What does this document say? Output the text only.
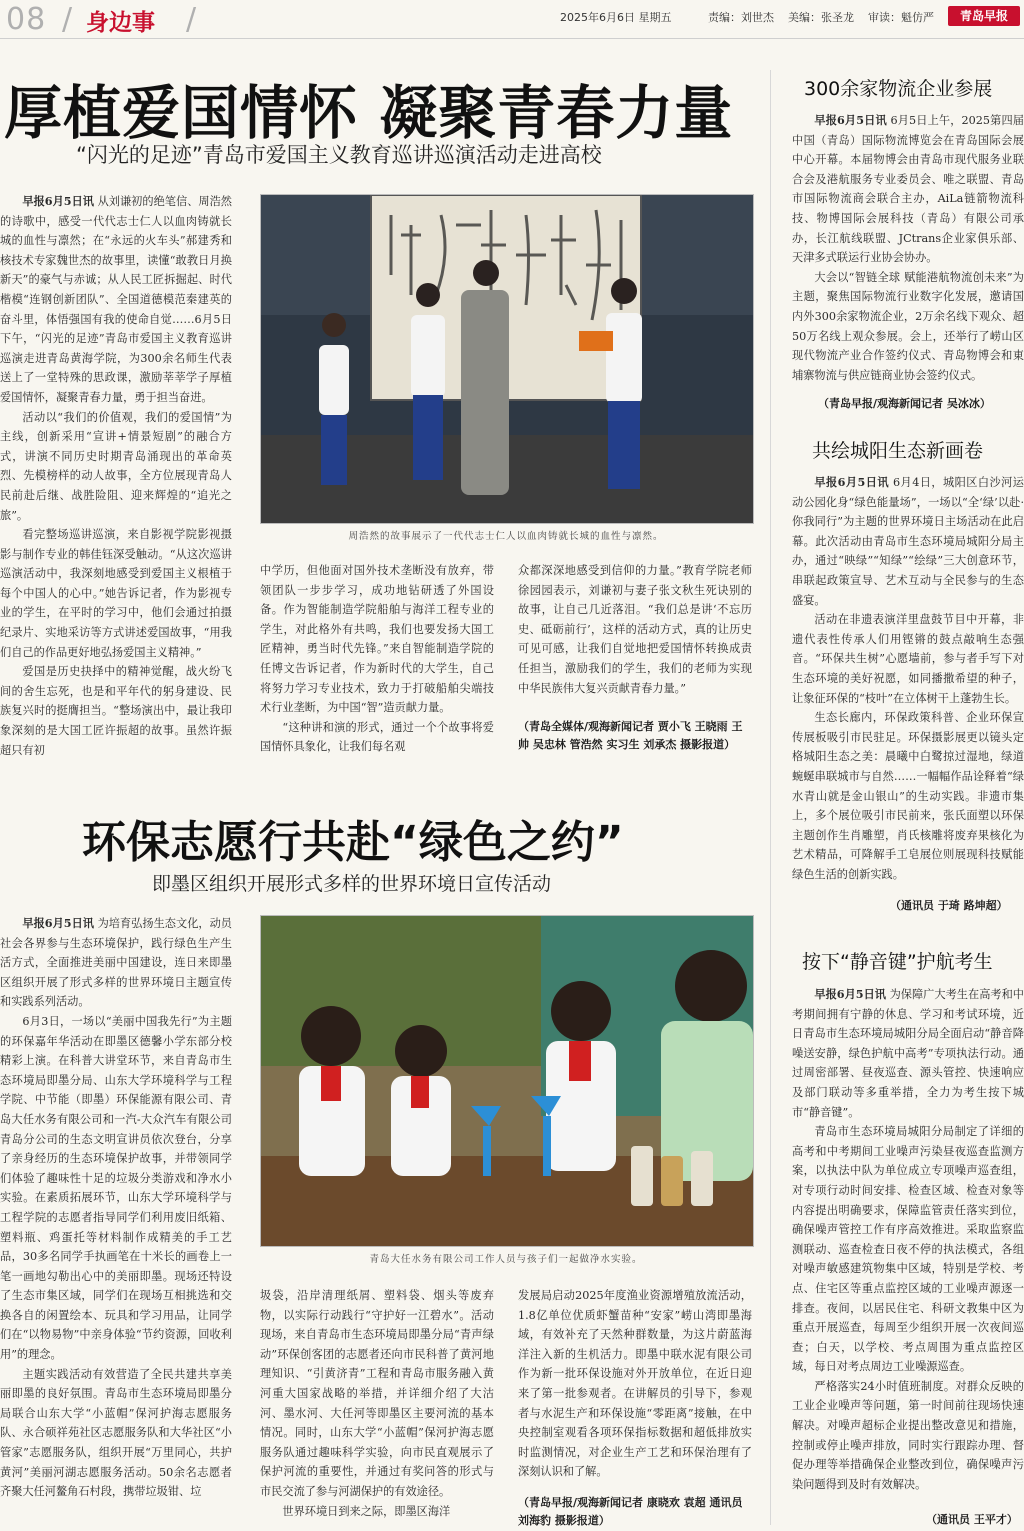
08 / 身边事 /	2025年6月6日 星期五	责编：刘世杰 美编：张圣龙 审读：魁仿严	青岛早报
厚植爱国情怀 凝聚青春力量
“闪光的足迹”青岛市爱国主义教育巡讲巡演活动走进高校

早报6月5日讯 从刘谦初的绝笔信、周浩然的诗歌中，感受一代代志士仁人以血肉铸就长城的血性与凛然；在“永远的火车头”郝建秀和核技术专家魏世杰的故事里，读懂“敢教日月换新天”的豪气与赤诚；从人民工匠拆掘起、时代楷模“连钢创新团队”、全国道德模范秦建英的奋斗里，体悟强国有我的使命自觉……6月5日下午，“闪光的足迹”青岛市爱国主义教育巡讲巡演走进青岛黄海学院，为300余名师生代表送上了一堂特殊的思政课，激励莘莘学子厚植爱国情怀，凝聚青春力量，勇于担当奋进。

活动以“我们的价值观，我们的爱国情”为主线，创新采用“宣讲+情景短剧”的融合方式，讲演不同历史时期青岛涌现出的革命英烈、先模榜样的动人故事，全方位展现青岛人民前赴后继、战胜险阻、迎来辉煌的“追光之旅”。

看完整场巡讲巡演，来自影视学院影视摄影与制作专业的韩佳钰深受触动。“从这次巡讲巡演活动中，我深刻地感受到爱国主义根植于每个中国人的心中。”她告诉记者，作为影视专业的学生，在平时的学习中，他们会通过拍摄纪录片、实地采访等方式讲述爱国故事，“用我们自己的作品更好地弘扬爱国主义精神。”

爱国是历史抉择中的精神觉醒，战火纷飞间的舍生忘死，也是和平年代的躬身建设、民族复兴时的挺膺担当。“整场演出中，最让我印象深刻的是大国工匠许振超的故事。虽然许振超只有初

周浩然的故事展示了一代代志士仁人以血肉铸就长城的血性与凛然。

中学历，但他面对国外技术垄断没有放弃，带领团队一步步学习，成功地钻研透了外国设备。作为智能制造学院船舶与海洋工程专业的学生，对此格外有共鸣，我们也要发扬大国工匠精神，勇当时代先锋。”来自智能制造学院的任博文告诉记者，作为新时代的大学生，自己将努力学习专业技术，致力于打破船舶尖端技术行业垄断，为中国“智”造贡献力量。

“这种讲和演的形式，通过一个个故事将爱国情怀具象化，让我们每名观

众都深深地感受到信仰的力量。”教育学院老师徐园园表示，刘谦初与妻子张文秋生死诀别的故事，让自己几近落泪。“我们总是讲‘不忘历史、砥砺前行’，这样的活动方式，真的让历史可见可感，让我们自觉地把爱国情怀转换成责任担当，激励我们的学生，我们的老师为实现中华民族伟大复兴贡献青春力量。”

（青岛全媒体/观海新闻记者 贾小飞 王晓雨 王帅 吴忠林 管浩然 实习生 刘承杰 摄影报道）
环保志愿行共赴“绿色之约”
即墨区组织开展形式多样的世界环境日宣传活动

早报6月5日讯 为培育弘扬生态文化，动员社会各界参与生态环境保护，践行绿色生产生活方式，全面推进美丽中国建设，连日来即墨区组织开展了形式多样的世界环境日主题宣传和实践系列活动。

6月3日，一场以“美丽中国我先行”为主题的环保嘉年华活动在即墨区德馨小学东部分校精彩上演。在科普大讲堂环节，来自青岛市生态环境局即墨分局、山东大学环境科学与工程学院、中节能（即墨）环保能源有限公司、青岛大任水务有限公司和一汽-大众汽车有限公司青岛分公司的生态文明宣讲员依次登台，分享了亲身经历的生态环境保护故事，并带领同学们体验了趣味性十足的垃圾分类游戏和净水小实验。在素质拓展环节，山东大学环境科学与工程学院的志愿者指导同学们利用废旧纸箱、塑料瓶、鸡蛋托等材料制作成精美的手工艺品，30多名同学手执画笔在十米长的画卷上一笔一画地勾勒出心中的美丽即墨。现场还特设了生态市集区域，同学们在现场互相挑选和交换各自的闲置绘本、玩具和学习用品，让同学们在“以物易物”中亲身体验“节约资源，回收利用”的理念。

主题实践活动有效营造了全民共建共享美丽即墨的良好氛围。青岛市生态环境局即墨分局联合山东大学“小蓝帽”保河护海志愿服务队、永合硕祥苑社区志愿服务队和大华社区“小管家”志愿服务队，组织开展“万里同心，共护黄河”美丽河湖志愿服务活动。50余名志愿者齐聚大任河鳌角石村段，携带垃圾钳、垃

青岛大任水务有限公司工作人员与孩子们一起做净水实验。

圾袋，沿岸清理纸屑、塑料袋、烟头等废弃物，以实际行动践行“守护好一江碧水”。活动现场，来自青岛市生态环境局即墨分局“青声绿动”环保创客团的志愿者还向市民科普了黄河地理知识、“引黄济青”工程和青岛市服务融入黄河重大国家战略的举措，并详细介绍了大沽河、墨水河、大任河等即墨区主要河流的基本情况。同时，山东大学“小蓝帽”保河护海志愿服务队通过趣味科学实验，向市民直观展示了保护河流的重要性，并通过有奖问答的形式与市民交流了参与河湖保护的有效途径。

世界环境日到来之际，即墨区海洋

发展局启动2025年度渔业资源增殖放流活动，1.8亿单位优质虾蟹苗种“安家”崂山湾即墨海域，有效补充了天然种群数量，为这片蔚蓝海洋注入新的生机活力。即墨中联水泥有限公司作为新一批环保设施对外开放单位，在近日迎来了第一批参观者。在讲解员的引导下，参观者与水泥生产和环保设施“零距离”接触，在中央控制室观看各项环保指标数据和超低排放实时监测情况，对企业生产工艺和环保治理有了深刻认识和了解。

（青岛早报/观海新闻记者 康晓欢 袁超 通讯员 刘海豹 摄影报道）
300余家物流企业参展

早报6月5日讯 6月5日上午，2025第四届中国（青岛）国际物流博览会在青岛国际会展中心开幕。本届物博会由青岛市现代服务业联合会及港航服务专业委员会、唯之联盟、青岛市国际物流商会联合主办，AiLa链箭物流科技、物博国际会展科技（青岛）有限公司承办，长江航线联盟、JCtrans企业家俱乐部、天津多式联运行业协会协办。

大会以“智链全球 赋能港航物流创未来”为主题，聚焦国际物流行业数字化发展，邀请国内外300余家物流企业，2万余名线下观众、超50万名线上观众参展。会上，还举行了崂山区现代物流产业合作签约仪式、青岛物博会和東埔寨物流与供应链商业协会签约仪式。

（青岛早报/观海新闻记者 吴冰冰）
共绘城阳生态新画卷

早报6月5日讯 6月4日，城阳区白沙河运动公园化身“绿色能量场”，一场以“全‘绿’以赴·你我同行”为主题的世界环境日主场活动在此启幕。此次活动由青岛市生态环境局城阳分局主办，通过“映绿”“知绿”“绘绿”三大创意环节，串联起政策宣导、艺术互动与全民参与的生态盛宴。

活动在非遗表演洋里盘鼓节目中开幕，非遗代表性传承人们用铿锵的鼓点敲响生态强音。“环保共生树”心愿墙前，参与者手写下对生态环境的美好祝愿，如同播撒希望的种子，让象征环保的“枝叶”在立体树干上蓬勃生长。

生态长廊内，环保政策科普、企业环保宣传展板吸引市民驻足。环保摄影展更以镜头定格城阳生态之美：晨曦中白鹭掠过湿地，绿道蜿蜒串联城市与自然……一幅幅作品诠释着“绿水青山就是金山银山”的生动实践。非遗市集上，多个展位吸引市民前来，张氏面塑以环保主题创作生肖雕塑，肖氏核雕将废弃果核化为艺术精品，可降解手工皂展位则展现科技赋能绿色生活的创新实践。

（通讯员 于琦 路坤超）
按下“静音键”护航考生

早报6月5日讯 为保障广大考生在高考和中考期间拥有宁静的休息、学习和考试环境，近日青岛市生态环境局城阳分局全面启动“静音降噪送安静，绿色护航中高考”专项执法行动。通过周密部署、昼夜巡查、源头管控、快速响应及部门联动等多重举措，全力为考生按下城市“静音键”。

青岛市生态环境局城阳分局制定了详细的高考和中考期间工业噪声污染昼夜巡查监测方案，以执法中队为单位成立专项噪声巡查组，对专项行动时间安排、检查区域、检查对象等内容提出明确要求，保障监管责任落实到位，确保噪声管控工作有序高效推进。采取监察监测联动、巡查检查日夜不停的执法模式，各组对噪声敏感建筑物集中区域，特别是学校、考点、住宅区等重点监控区域的工业噪声源逐一排查。夜间，以居民住宅、科研文教集中区为重点开展巡查，每周至少组织开展一次夜间巡查；白天，以学校、考点周围为重点监控区域，每日对考点周边工业噪源巡查。

严格落实24小时值班制度。对群众反映的工业企业噪声等问题，第一时间前往现场快速解决。对噪声超标企业提出整改意见和措施，控制或停止噪声排放，同时实行跟踪办理、督促办理等举措确保企业整改到位，确保噪声污染问题得到及时有效解决。

（通讯员 王平才）
